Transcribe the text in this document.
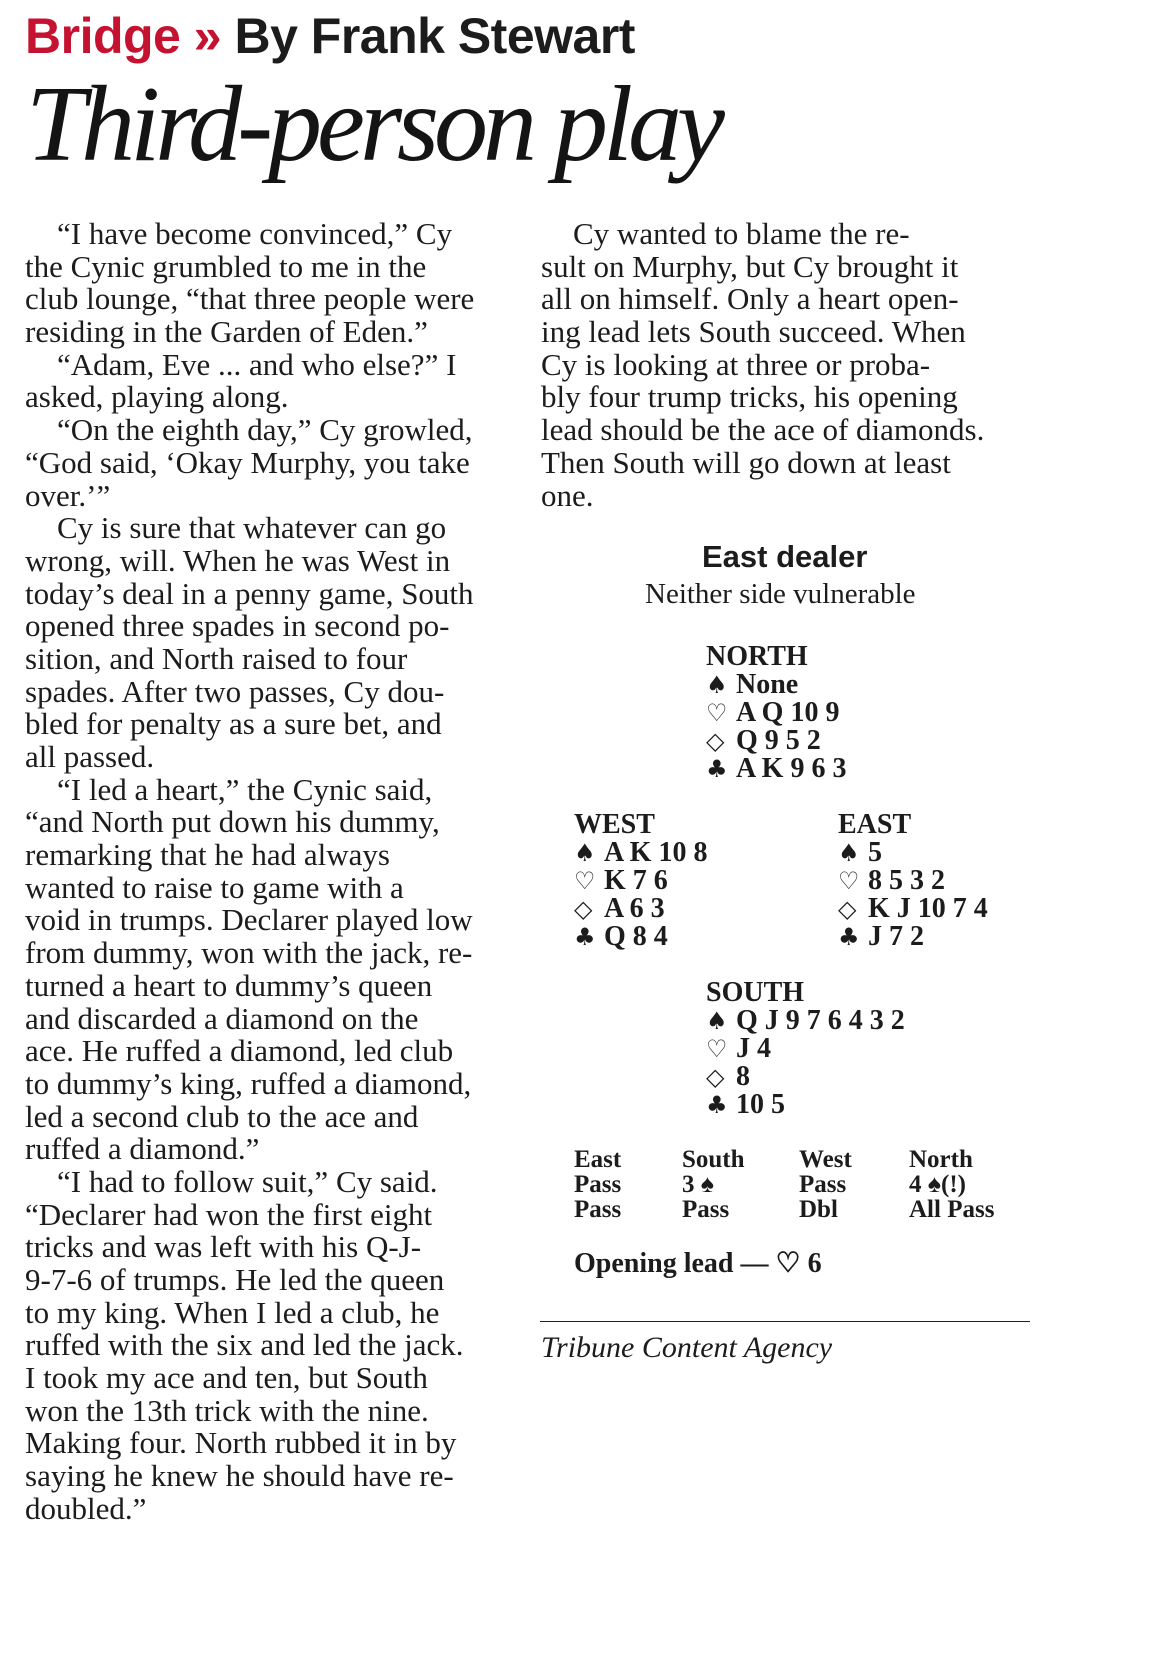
Bridge » By Frank Stewart
Third-person play
“I have become convinced,” Cy
the Cynic grumbled to me in the
club lounge, “that three people were
residing in the Garden of Eden.”
“Adam, Eve ... and who else?” I
asked, playing along.
“On the eighth day,” Cy growled,
“God said, ‘Okay Murphy, you take
over.’”
Cy is sure that whatever can go
wrong, will. When he was West in
today’s deal in a penny game, South
opened three spades in second po-
sition, and North raised to four
spades. After two passes, Cy dou-
bled for penalty as a sure bet, and
all passed.
“I led a heart,” the Cynic said,
“and North put down his dummy,
remarking that he had always
wanted to raise to game with a
void in trumps. Declarer played low
from dummy, won with the jack, re-
turned a heart to dummy’s queen
and discarded a diamond on the
ace. He ruffed a diamond, led club
to dummy’s king, ruffed a diamond,
led a second club to the ace and
ruffed a diamond.”
“I had to follow suit,” Cy said.
“Declarer had won the first eight
tricks and was left with his Q-J-
9-7-6 of trumps. He led the queen
to my king. When I led a club, he
ruffed with the six and led the jack.
I took my ace and ten, but South
won the 13th trick with the nine.
Making four. North rubbed it in by
saying he knew he should have re-
doubled.”
Cy wanted to blame the re-
sult on Murphy, but Cy brought it
all on himself. Only a heart open-
ing lead lets South succeed. When
Cy is looking at three or proba-
bly four trump tricks, his opening
lead should be the ace of diamonds.
Then South will go down at least
one.
East dealer
Neither side vulnerable
NORTH
♠ None
♡ A Q 10 9
◇ Q 9 5 2
♣ A K 9 6 3
WEST
♠ A K 10 8
♡ K 7 6
◇ A 6 3
♣ Q 8 4
EAST
♠ 5
♡ 8 5 3 2
◇ K J 10 7 4
♣ J 7 2
SOUTH
♠ Q J 9 7 6 4 3 2
♡ J 4
◇ 8
♣ 10 5
East
Pass
Pass
South
3 ♠
Pass
West
Pass
Dbl
North
4 ♠(!)
All Pass
Opening lead — ♡ 6
Tribune Content Agency
